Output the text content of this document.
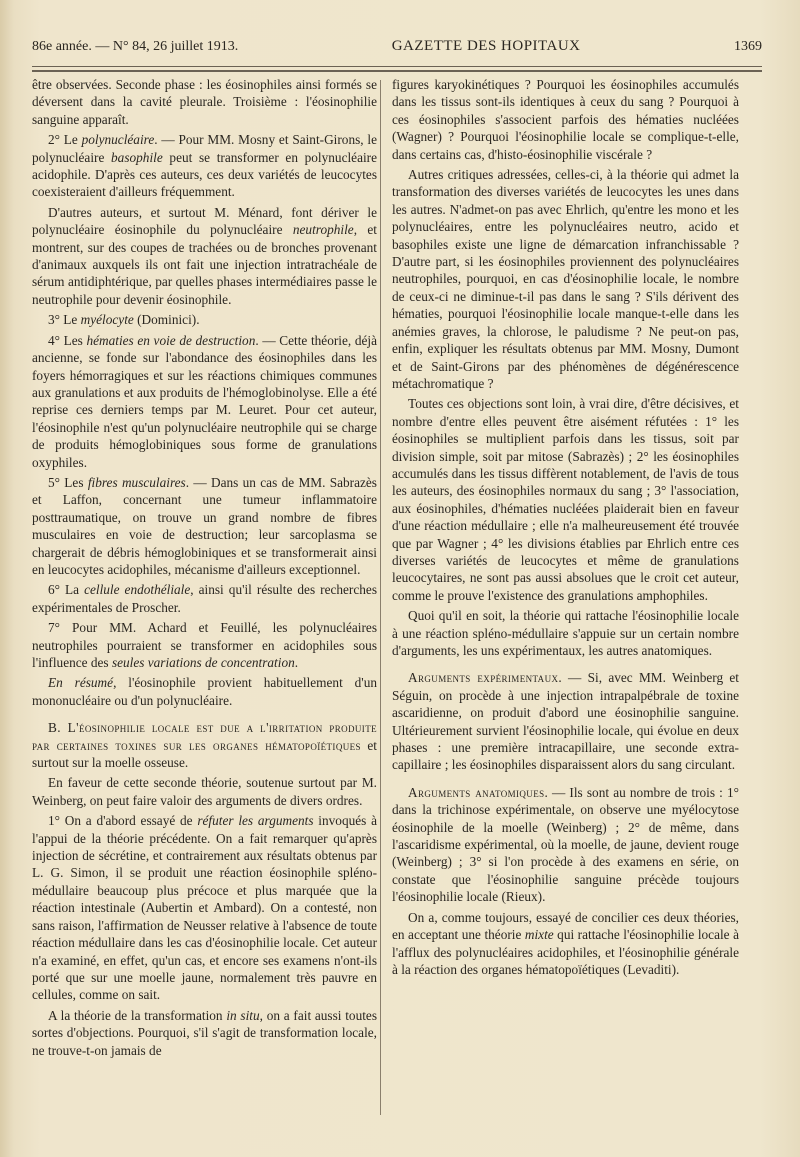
86e année. — N° 84, 26 juillet 1913.	GAZETTE DES HOPITAUX	1369

être observées. Seconde phase : les éosinophiles ainsi formés se déversent dans la cavité pleurale. Troisième : l'éosinophilie sanguine apparaît.

2° Le polynucléaire. — Pour MM. Mosny et Saint-Girons, le polynucléaire basophile peut se transformer en polynucléaire acidophile. D'après ces auteurs, ces deux variétés de leucocytes coexisteraient d'ailleurs fréquemment.

D'autres auteurs, et surtout M. Ménard, font dériver le polynucléaire éosinophile du polynucléaire neutrophile, et montrent, sur des coupes de trachées ou de bronches provenant d'animaux auxquels ils ont fait une injection intratrachéale de sérum antidiphtérique, par quelles phases intermédiaires passe le neutrophile pour devenir éosinophile.

3° Le myélocyte (Dominici).

4° Les hématies en voie de destruction. — Cette théorie, déjà ancienne, se fonde sur l'abondance des éosinophiles dans les foyers hémorragiques et sur les réactions chimiques communes aux granulations et aux produits de l'hémoglobinolyse. Elle a été reprise ces derniers temps par M. Leuret. Pour cet auteur, l'éosinophile n'est qu'un polynucléaire neutrophile qui se charge de produits hémoglobiniques sous forme de granulations oxyphiles.

5° Les fibres musculaires. — Dans un cas de MM. Sabrazès et Laffon, concernant une tumeur inflammatoire posttraumatique, on trouve un grand nombre de fibres musculaires en voie de destruction; leur sarcoplasma se chargerait de débris hémoglobiniques et se transformerait ainsi en leucocytes acidophiles, mécanisme d'ailleurs exceptionnel.

6° La cellule endothéliale, ainsi qu'il résulte des recherches expérimentales de Proscher.

7° Pour MM. Achard et Feuillé, les polynucléaires neutrophiles pourraient se transformer en acidophiles sous l'influence des seules variations de concentration.

En résumé, l'éosinophile provient habituellement d'un mononucléaire ou d'un polynucléaire.

B. L'éosinophilie locale est due a l'irritation produite par certaines toxines sur les organes hématopoïétiques et surtout sur la moelle osseuse.

En faveur de cette seconde théorie, soutenue surtout par M. Weinberg, on peut faire valoir des arguments de divers ordres.

1° On a d'abord essayé de réfuter les arguments invoqués à l'appui de la théorie précédente. On a fait remarquer qu'après injection de sécrétine, et contrairement aux résultats obtenus par L. G. Simon, il se produit une réaction éosinophile spléno-médullaire beaucoup plus précoce et plus marquée que la réaction intestinale (Aubertin et Ambard). On a contesté, non sans raison, l'affirmation de Neusser relative à l'absence de toute réaction médullaire dans les cas d'éosinophilie locale. Cet auteur n'a examiné, en effet, qu'un cas, et encore ses examens n'ont-ils porté que sur une moelle jaune, normalement très pauvre en cellules, comme on sait.

A la théorie de la transformation in situ, on a fait aussi toutes sortes d'objections. Pourquoi, s'il s'agit de transformation locale, ne trouve-t-on jamais de

figures karyokinétiques ? Pourquoi les éosinophiles accumulés dans les tissus sont-ils identiques à ceux du sang ? Pourquoi à ces éosinophiles s'associent parfois des hématies nucléées (Wagner) ? Pourquoi l'éosinophilie locale se complique-t-elle, dans certains cas, d'histo-éosinophilie viscérale ?

Autres critiques adressées, celles-ci, à la théorie qui admet la transformation des diverses variétés de leucocytes les unes dans les autres. N'admet-on pas avec Ehrlich, qu'entre les mono et les polynucléaires, entre les polynucléaires neutro, acido et basophiles existe une ligne de démarcation infranchissable ? D'autre part, si les éosinophiles proviennent des polynucléaires neutrophiles, pourquoi, en cas d'éosinophilie locale, le nombre de ceux-ci ne diminue-t-il pas dans le sang ? S'ils dérivent des hématies, pourquoi l'éosinophilie locale manque-t-elle dans les anémies graves, la chlorose, le paludisme ? Ne peut-on pas, enfin, expliquer les résultats obtenus par MM. Mosny, Dumont et de Saint-Girons par des phénomènes de dégénérescence métachromatique ?

Toutes ces objections sont loin, à vrai dire, d'être décisives, et nombre d'entre elles peuvent être aisément réfutées : 1° les éosinophiles se multiplient parfois dans les tissus, soit par division simple, soit par mitose (Sabrazès) ; 2° les éosinophiles accumulés dans les tissus diffèrent notablement, de l'avis de tous les auteurs, des éosinophiles normaux du sang ; 3° l'association, aux éosinophiles, d'hématies nucléées plaiderait bien en faveur d'une réaction médullaire ; elle n'a malheureusement été trouvée que par Wagner ; 4° les divisions établies par Ehrlich entre ces diverses variétés de leucocytes et même de granulations leucocytaires, ne sont pas aussi absolues que le croit cet auteur, comme le prouve l'existence des granulations amphophiles.

Quoi qu'il en soit, la théorie qui rattache l'éosinophilie locale à une réaction spléno-médullaire s'appuie sur un certain nombre d'arguments, les uns expérimentaux, les autres anatomiques.

Arguments expérimentaux. — Si, avec MM. Weinberg et Séguin, on procède à une injection intrapalpébrale de toxine ascaridienne, on produit d'abord une éosinophilie sanguine. Ultérieurement survient l'éosinophilie locale, qui évolue en deux phases : une première intracapillaire, une seconde extra-capillaire ; les éosinophiles disparaissent alors du sang circulant.

Arguments anatomiques. — Ils sont au nombre de trois : 1° dans la trichinose expérimentale, on observe une myélocytose éosinophile de la moelle (Weinberg) ; 2° de même, dans l'ascaridisme expérimental, où la moelle, de jaune, devient rouge (Weinberg) ; 3° si l'on procède à des examens en série, on constate que l'éosinophilie sanguine précède toujours l'éosinophilie locale (Rieux).

On a, comme toujours, essayé de concilier ces deux théories, en acceptant une théorie mixte qui rattache l'éosinophilie locale à l'afflux des polynucléaires acidophiles, et l'éosinophilie générale à la réaction des organes hématopoïétiques (Levaditi).
